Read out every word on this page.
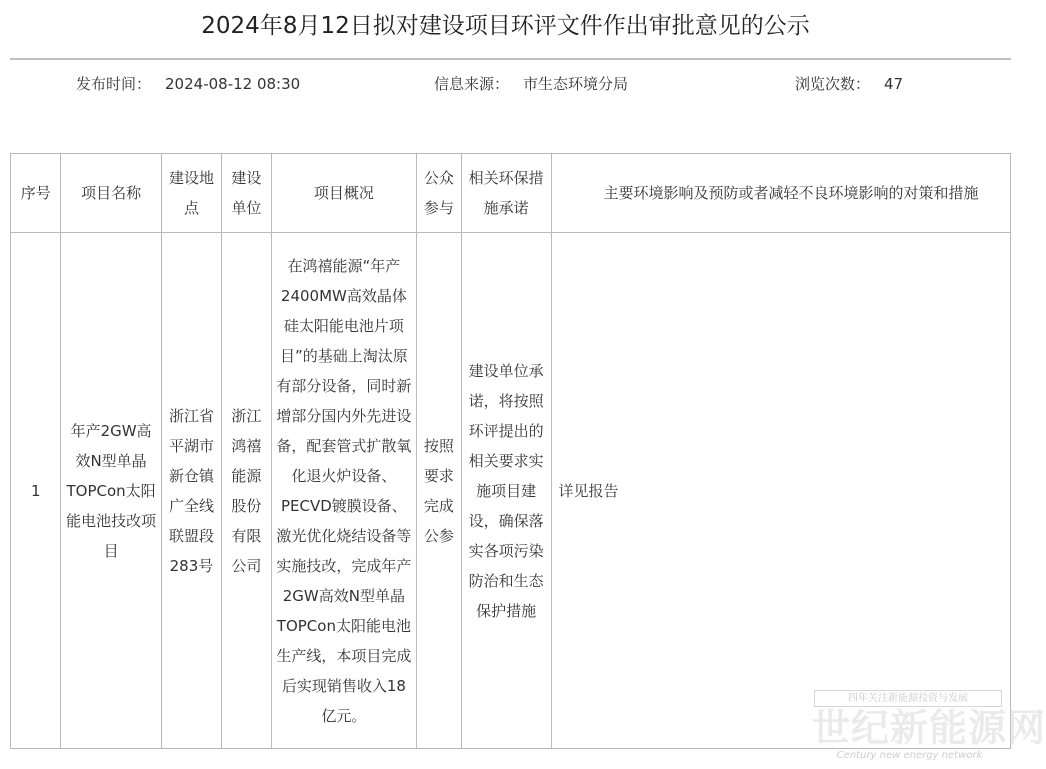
2024年8月12日拟对建设项目环评文件作出审批意见的公示
发布时间： 2024-08-12 08:30	信息来源： 市生态环境分局	浏览次数： 47
序号	项目名称	建设地点	建设单位	项目概况	公众参与	相关环保措施承诺	主要环境影响及预防或者减轻不良环境影响的对策和措施
1	年产2GW高效N型单晶TOPCon太阳能电池技改项目	浙江省平湖市新仓镇广全线联盟段283号	浙江鸿禧能源股份有限公司	在鸿禧能源“年产2400MW高效晶体硅太阳能电池片项目”的基础上淘汰原有部分设备，同时新增部分国内外先进设备，配套管式扩散氧化退火炉设备、PECVD镀膜设备、激光优化烧结设备等实施技改，完成年产2GW高效N型单晶TOPCon太阳能电池生产线，本项目完成后实现销售收入18亿元。	按照要求完成公参	建设单位承诺，将按照环评提出的相关要求实施项目建设，确保落实各项污染防治和生态保护措施	详见报告
四年关注新能源投资与发展
世纪新能源网
Century new energy network
